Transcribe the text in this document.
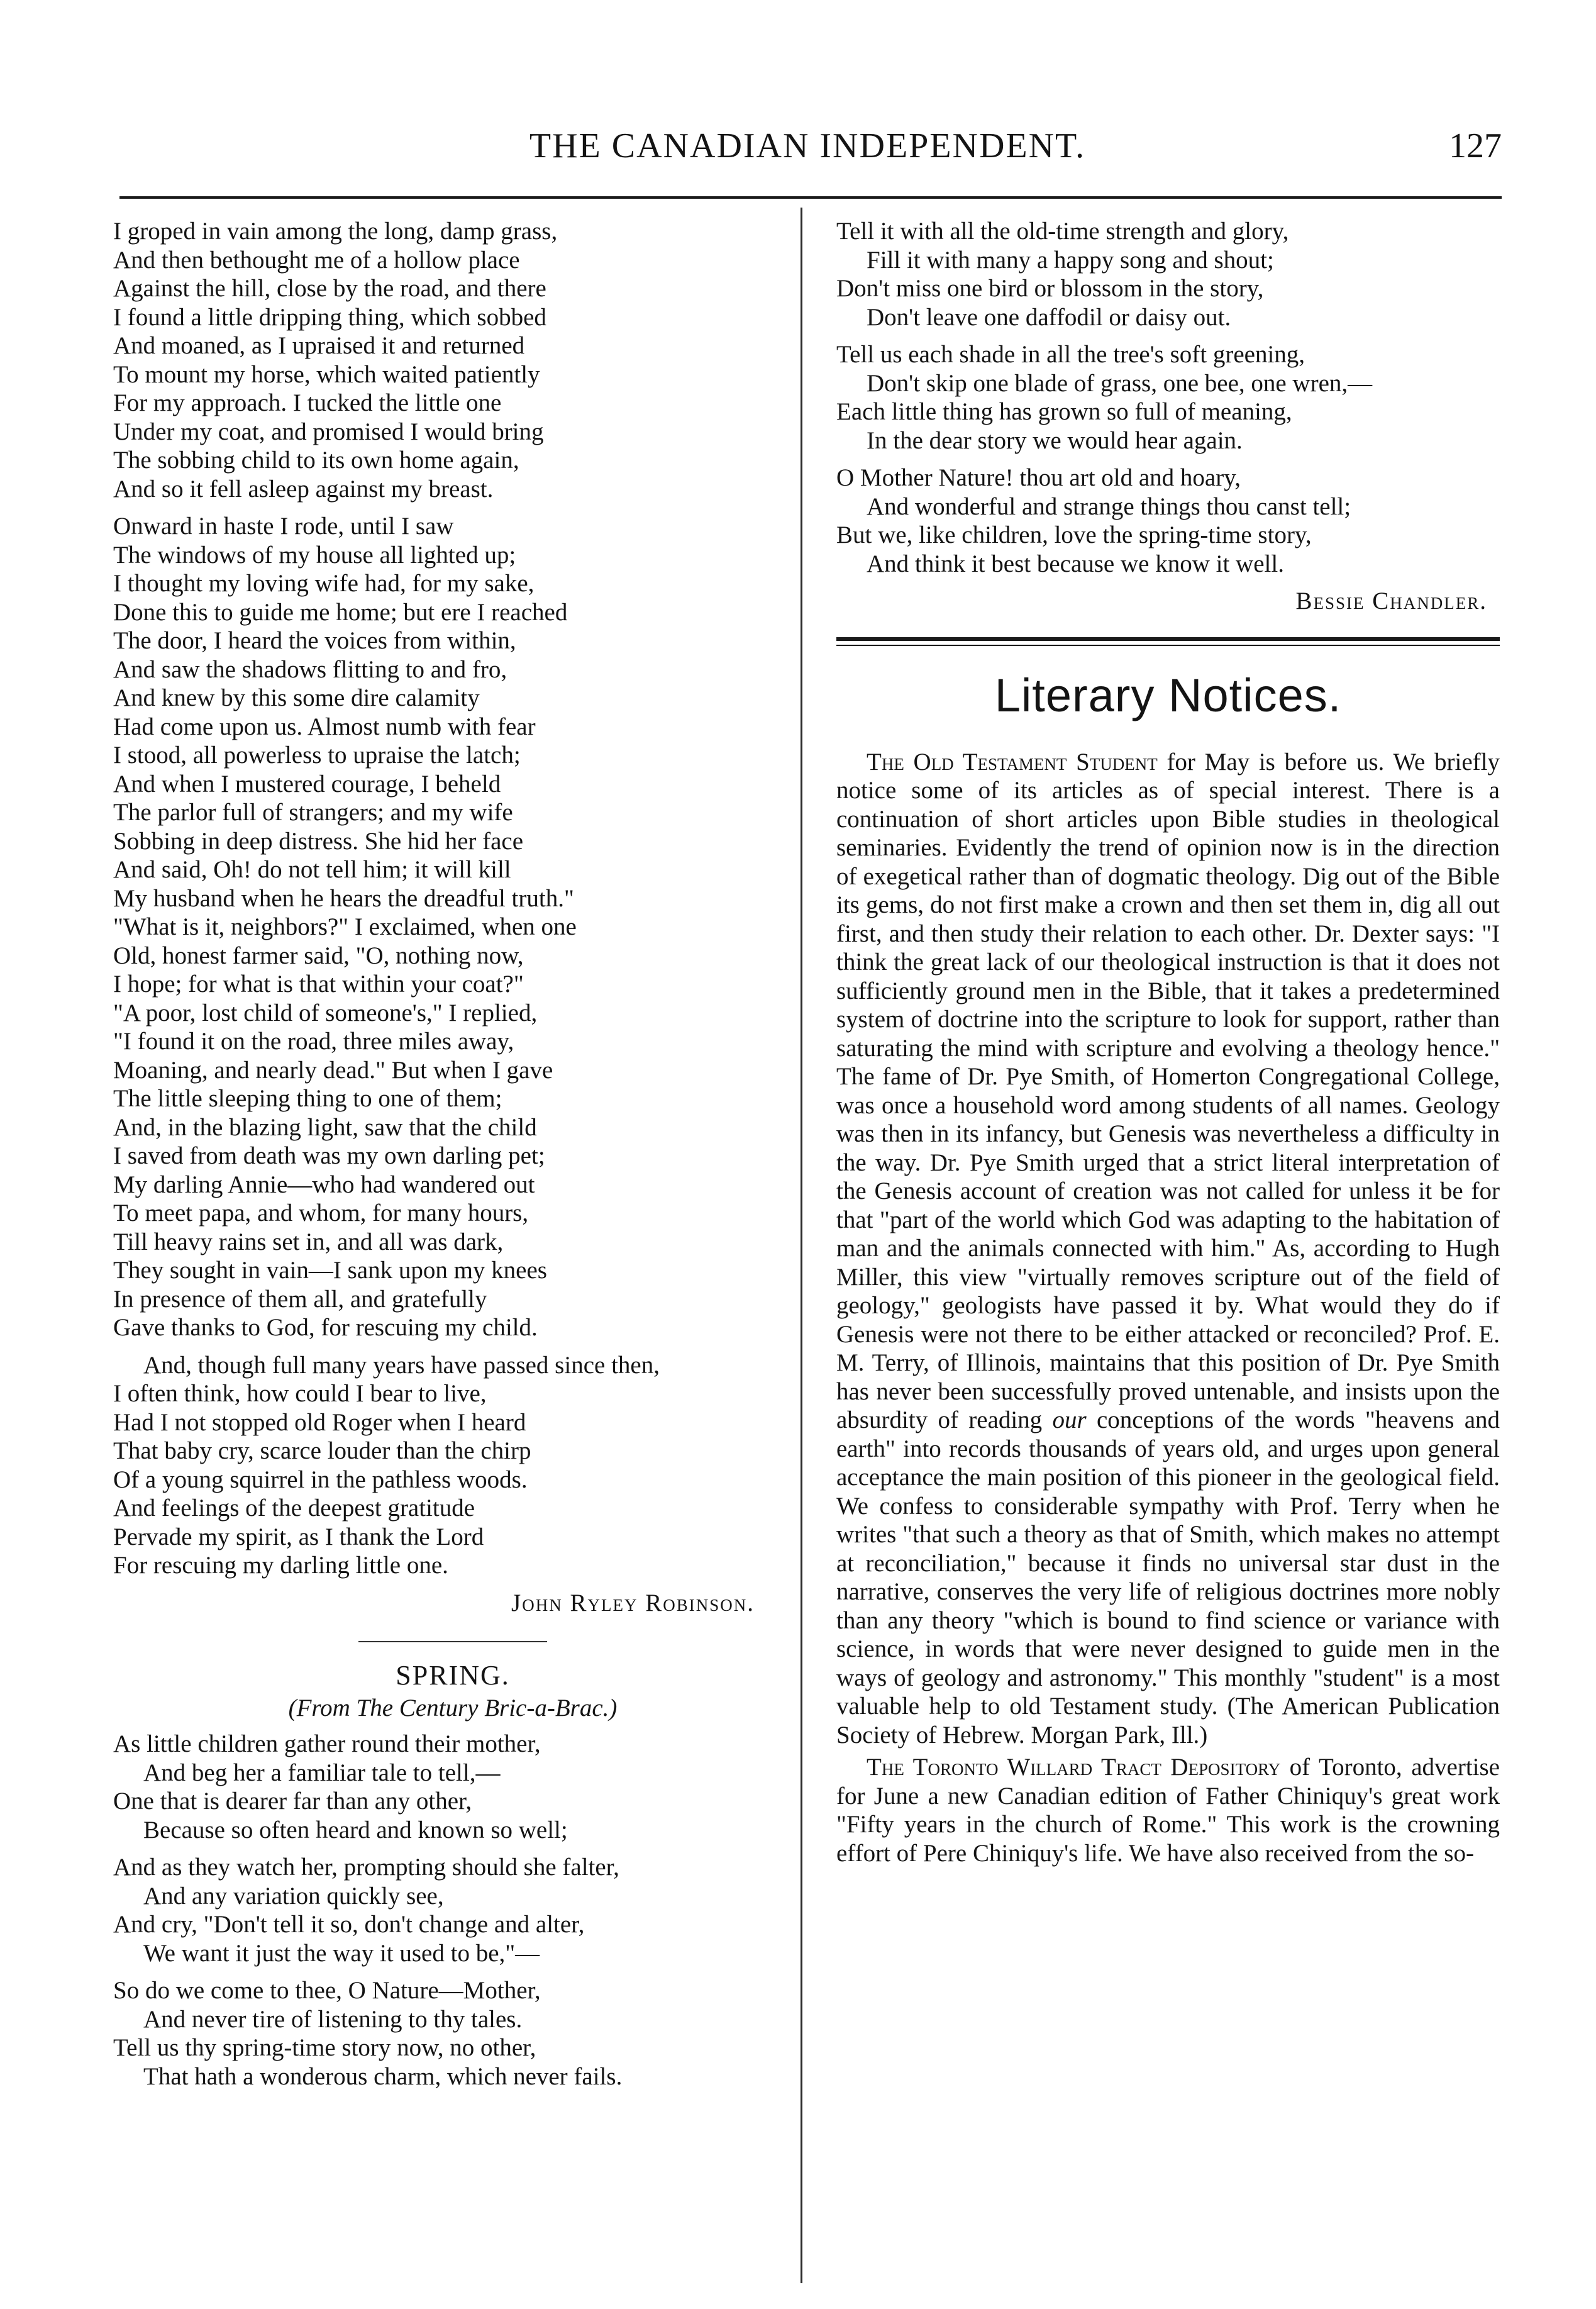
THE CANADIAN INDEPENDENT.	127
I groped in vain among the long, damp grass,
And then bethought me of a hollow place
Against the hill, close by the road, and there
I found a little dripping thing, which sobbed
And moaned, as I upraised it and returned
To mount my horse, which waited patiently
For my approach. I tucked the little one
Under my coat, and promised I would bring
The sobbing child to its own home again,
And so it fell asleep against my breast.
Onward in haste I rode, until I saw
The windows of my house all lighted up;
I thought my loving wife had, for my sake,
Done this to guide me home; but ere I reached
The door, I heard the voices from within,
And saw the shadows flitting to and fro,
And knew by this some dire calamity
Had come upon us. Almost numb with fear
I stood, all powerless to upraise the latch;
And when I mustered courage, I beheld
The parlor full of strangers; and my wife
Sobbing in deep distress. She hid her face
And said, Oh! do not tell him; it will kill
My husband when he hears the dreadful truth."
"What is it, neighbors?" I exclaimed, when one
Old, honest farmer said, "O, nothing now,
I hope; for what is that within your coat?"
"A poor, lost child of someone's," I replied,
"I found it on the road, three miles away,
Moaning, and nearly dead." But when I gave
The little sleeping thing to one of them;
And, in the blazing light, saw that the child
I saved from death was my own darling pet;
My darling Annie—who had wandered out
To meet papa, and whom, for many hours,
Till heavy rains set in, and all was dark,
They sought in vain—I sank upon my knees
In presence of them all, and gratefully
Gave thanks to God, for rescuing my child.
And, though full many years have passed since then,
I often think, how could I bear to live,
Had I not stopped old Roger when I heard
That baby cry, scarce louder than the chirp
Of a young squirrel in the pathless woods.
And feelings of the deepest gratitude
Pervade my spirit, as I thank the Lord
For rescuing my darling little one.
John Ryley Robinson.
SPRING.
(From The Century Bric-a-Brac.)
As little children gather round their mother,
And beg her a familiar tale to tell,—
One that is dearer far than any other,
Because so often heard and known so well;
And as they watch her, prompting should she falter,
And any variation quickly see,
And cry, "Don't tell it so, don't change and alter,
We want it just the way it used to be,"—
So do we come to thee, O Nature—Mother,
And never tire of listening to thy tales.
Tell us thy spring-time story now, no other,
That hath a wonderous charm, which never fails.
Tell it with all the old-time strength and glory,
Fill it with many a happy song and shout;
Don't miss one bird or blossom in the story,
Don't leave one daffodil or daisy out.
Tell us each shade in all the tree's soft greening,
Don't skip one blade of grass, one bee, one wren,—
Each little thing has grown so full of meaning,
In the dear story we would hear again.
O Mother Nature! thou art old and hoary,
And wonderful and strange things thou canst tell;
But we, like children, love the spring-time story,
And think it best because we know it well.
Bessie Chandler.
Literary Notices.

The Old Testament Student for May is before us. We briefly notice some of its articles as of special interest. There is a continuation of short articles upon Bible studies in theological seminaries. Evidently the trend of opinion now is in the direction of exegetical rather than of dogmatic theology. Dig out of the Bible its gems, do not first make a crown and then set them in, dig all out first, and then study their relation to each other. Dr. Dexter says: "I think the great lack of our theological instruction is that it does not sufficiently ground men in the Bible, that it takes a predetermined system of doctrine into the scripture to look for support, rather than saturating the mind with scripture and evolving a theology hence." The fame of Dr. Pye Smith, of Homerton Congregational College, was once a household word among students of all names. Geology was then in its infancy, but Genesis was nevertheless a difficulty in the way. Dr. Pye Smith urged that a strict literal interpretation of the Genesis account of creation was not called for unless it be for that "part of the world which God was adapting to the habitation of man and the animals connected with him." As, according to Hugh Miller, this view "virtually removes scripture out of the field of geology," geologists have passed it by. What would they do if Genesis were not there to be either attacked or reconciled? Prof. E. M. Terry, of Illinois, maintains that this position of Dr. Pye Smith has never been successfully proved untenable, and insists upon the absurdity of reading our conceptions of the words "heavens and earth" into records thousands of years old, and urges upon general acceptance the main position of this pioneer in the geological field. We confess to considerable sympathy with Prof. Terry when he writes "that such a theory as that of Smith, which makes no attempt at reconciliation," because it finds no universal star dust in the narrative, conserves the very life of religious doctrines more nobly than any theory "which is bound to find science or variance with science, in words that were never designed to guide men in the ways of geology and astronomy." This monthly "student" is a most valuable help to old Testament study. (The American Publication Society of Hebrew. Morgan Park, Ill.)

The Toronto Willard Tract Depository of Toronto, advertise for June a new Canadian edition of Father Chiniquy's great work "Fifty years in the church of Rome." This work is the crowning effort of Pere Chiniquy's life. We have also received from the so-
